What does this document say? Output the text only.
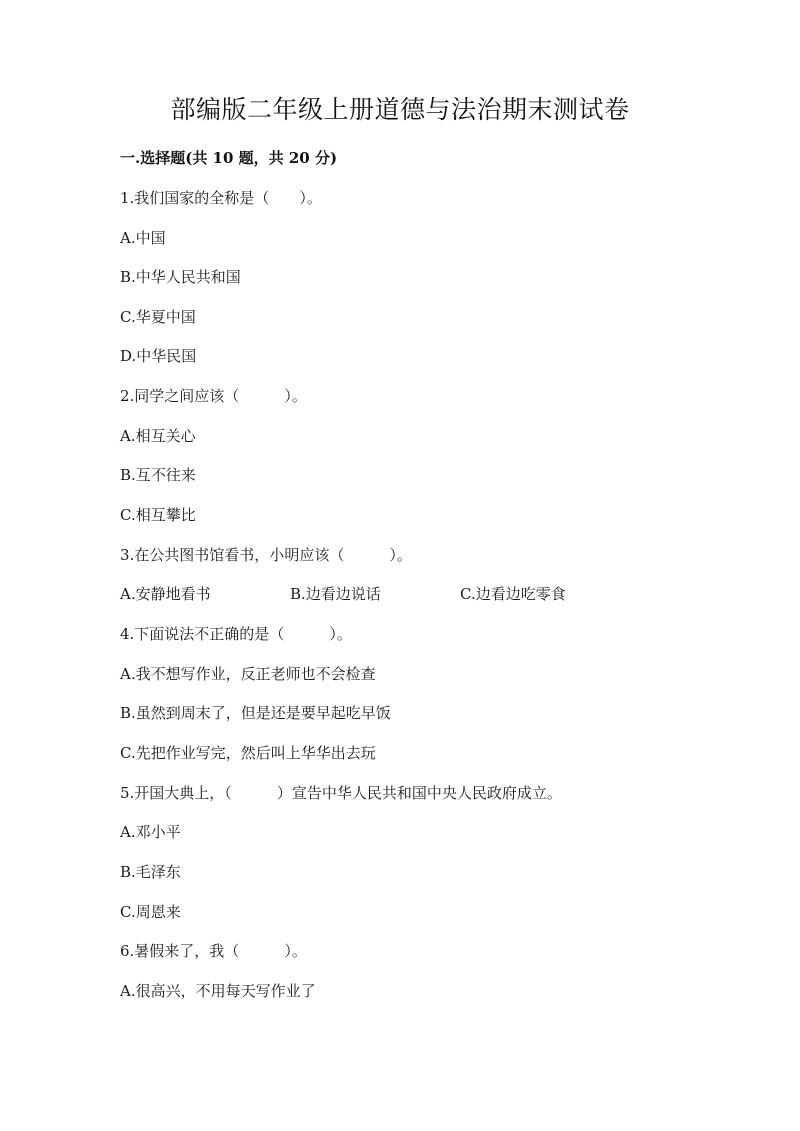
部编版二年级上册道德与法治期末测试卷
一.选择题(共 10 题，共 20 分)
1.我们国家的全称是（　　）。
A.中国
B.中华人民共和国
C.华夏中国
D.中华民国
2.同学之间应该（　　　）。
A.相互关心
B.互不往来
C.相互攀比
3.在公共图书馆看书，小明应该（　　　）。
A.安静地看书	B.边看边说话	C.边看边吃零食
4.下面说法不正确的是（　　　）。
A.我不想写作业，反正老师也不会检查
B.虽然到周末了，但是还是要早起吃早饭
C.先把作业写完，然后叫上华华出去玩
5.开国大典上，（　　　）宣告中华人民共和国中央人民政府成立。
A.邓小平
B.毛泽东
C.周恩来
6.暑假来了，我（　　　）。
A.很高兴，不用每天写作业了
